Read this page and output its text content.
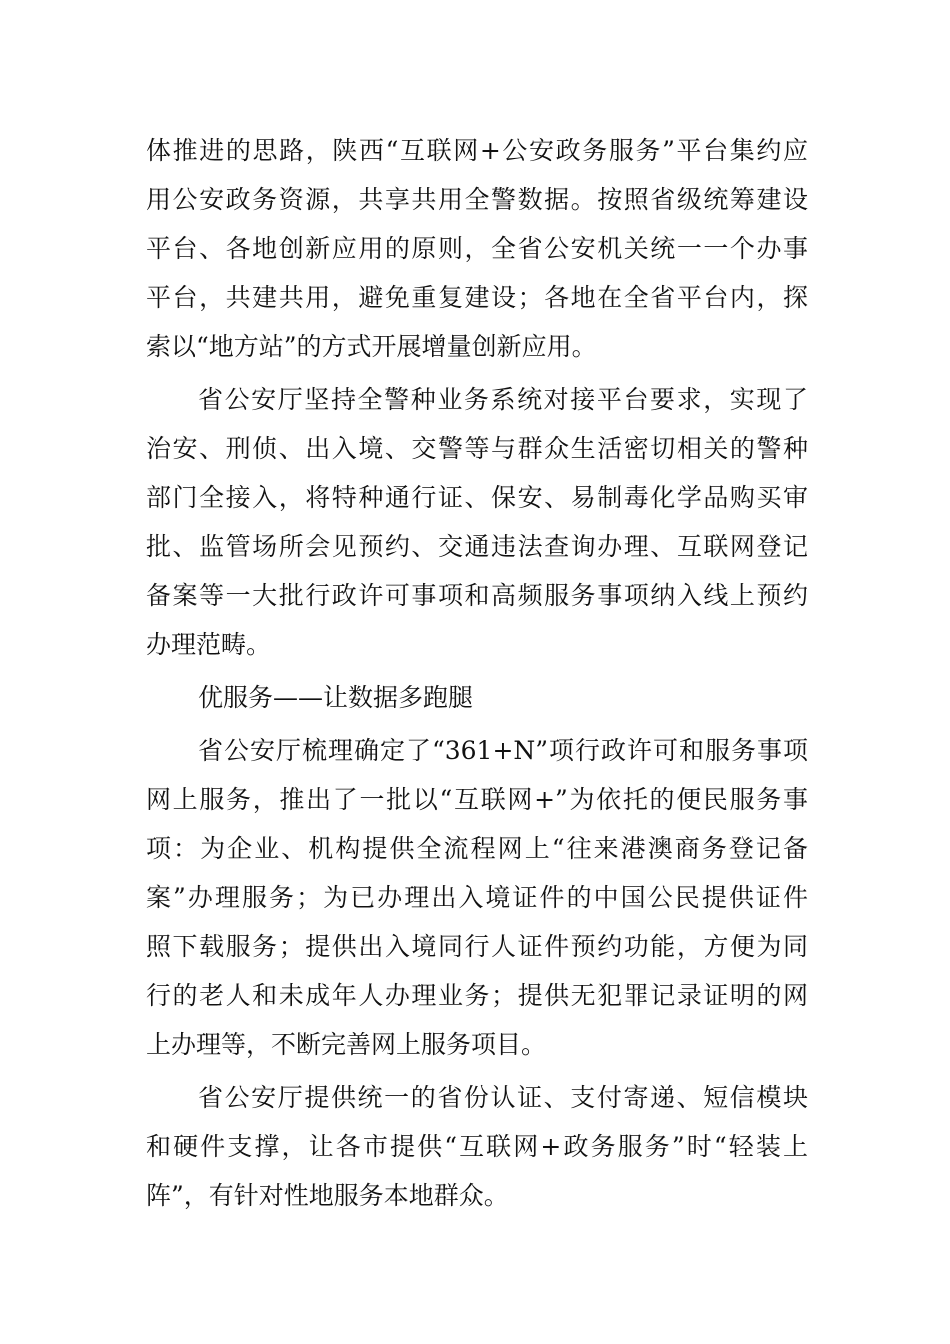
体推进的思路，陕西“互联网+公安政务服务”平台集约应
用公安政务资源，共享共用全警数据。按照省级统筹建设
平台、各地创新应用的原则，全省公安机关统一一个办事
平台，共建共用，避免重复建设；各地在全省平台内，探
索以“地方站”的方式开展增量创新应用。
省公安厅坚持全警种业务系统对接平台要求，实现了
治安、刑侦、出入境、交警等与群众生活密切相关的警种
部门全接入，将特种通行证、保安、易制毒化学品购买审
批、监管场所会见预约、交通违法查询办理、互联网登记
备案等一大批行政许可事项和高频服务事项纳入线上预约
办理范畴。
优服务——让数据多跑腿
省公安厅梳理确定了“361+N”项行政许可和服务事项
网上服务，推出了一批以“互联网+”为依托的便民服务事
项：为企业、机构提供全流程网上“往来港澳商务登记备
案”办理服务；为已办理出入境证件的中国公民提供证件
照下载服务；提供出入境同行人证件预约功能，方便为同
行的老人和未成年人办理业务；提供无犯罪记录证明的网
上办理等，不断完善网上服务项目。
省公安厅提供统一的省份认证、支付寄递、短信模块
和硬件支撑，让各市提供“互联网+政务服务”时“轻装上
阵”，有针对性地服务本地群众。
